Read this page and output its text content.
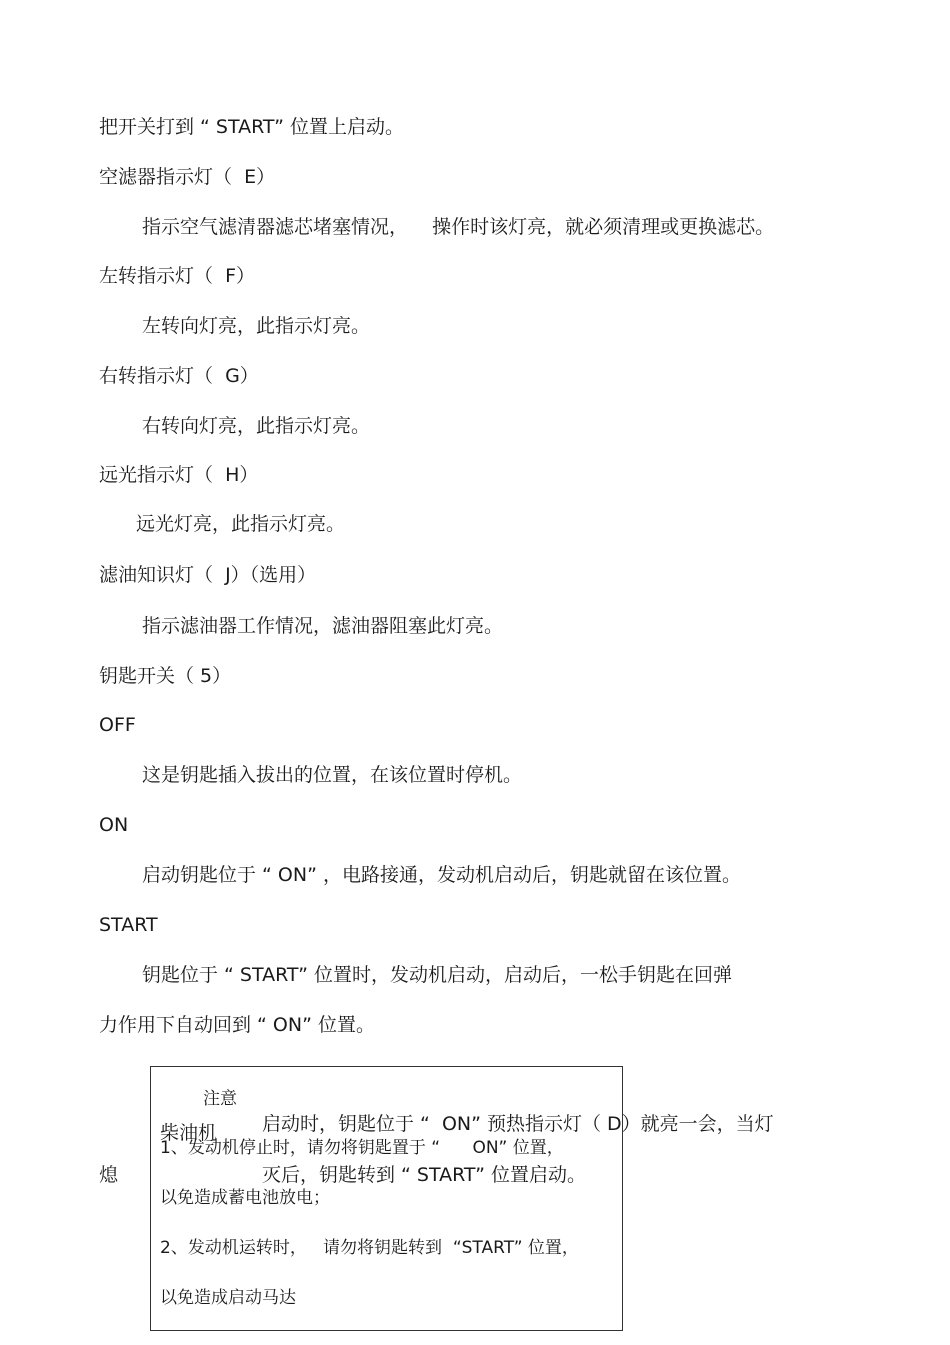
把开关打到 “ START” 位置上启动。
空滤器指示灯（  E）
指示空气滤清器滤芯堵塞情况，    操作时该灯亮，就必须清理或更换滤芯。
左转指示灯（  F）
左转向灯亮，此指示灯亮。
右转指示灯（  G）
右转向灯亮，此指示灯亮。
远光指示灯（  H）
远光灯亮，此指示灯亮。
滤油知识灯（  J）（选用）
指示滤油器工作情况，滤油器阻塞此灯亮。
钥匙开关（ 5）
OFF
这是钥匙插入拔出的位置，在该位置时停机。
ON
启动钥匙位于 “ ON” ，电路接通，发动机启动后，钥匙就留在该位置。
START
钥匙位于 “ START” 位置时，发动机启动，启动后，一松手钥匙在回弹
力作用下自动回到 “ ON” 位置。
注意
1、发动机停止时，请勿将钥匙置于 “      ON” 位置，
以免造成蓄电池放电；
2、发动机运转时，   请勿将钥匙转到  “START” 位置，
以免造成启动马达
柴油机 启动时，钥匙位于 “  ON” 预热指示灯（ D）就亮一会，当灯
熄	灭后，钥匙转到 “ START” 位置启动。
